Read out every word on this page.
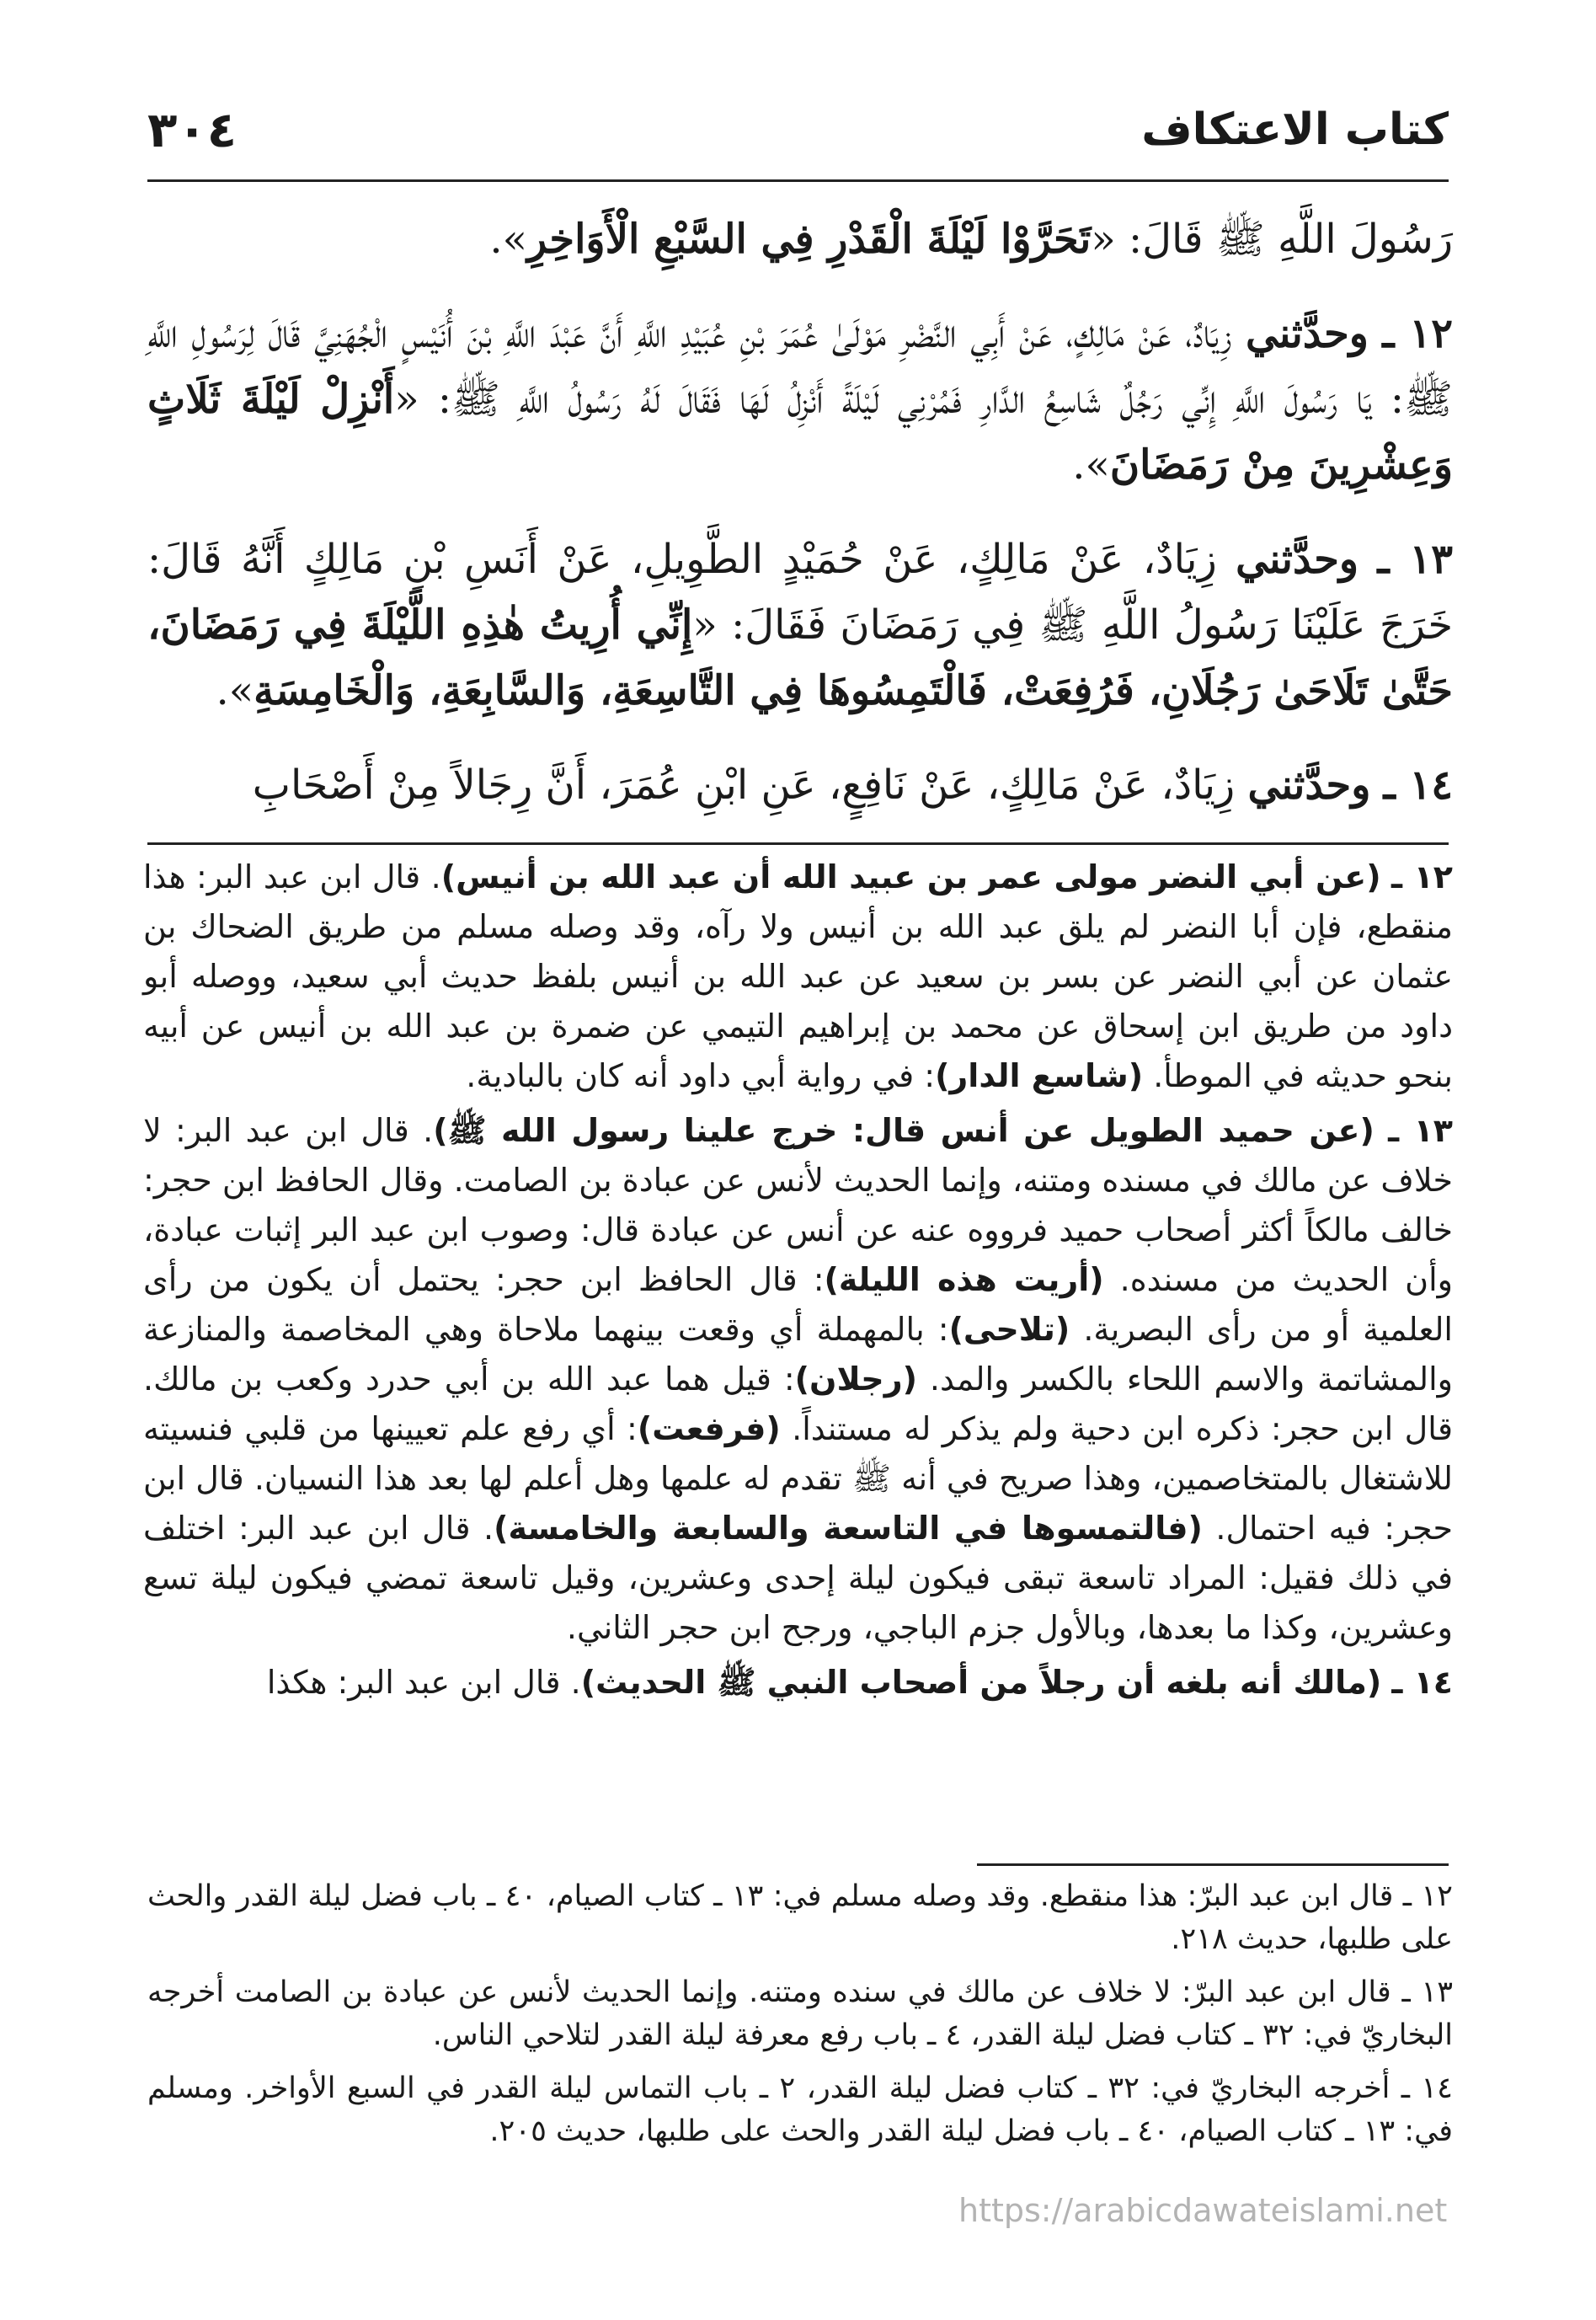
٣٠٤	كتاب الاعتكاف

رَسُولَ اللَّهِ ﷺ قَالَ: «تَحَرَّوْا لَيْلَةَ الْقَدْرِ فِي السَّبْعِ الْأَوَاخِرِ».

١٢ ـ وحدَّثني زِيَادٌ، عَنْ مَالِكٍ، عَنْ أَبِي النَّضْرِ مَوْلَىٰ عُمَرَ بْنِ عُبَيْدِ اللَّهِ أَنَّ عَبْدَ اللَّهِ بْنَ أُنَيْسٍ الْجُهَنِيَّ قَالَ لِرَسُولِ اللَّهِ ﷺ: يَا رَسُولَ اللَّهِ إِنِّي رَجُلٌ شَاسِعُ الدَّارِ فَمُرْنِي لَيْلَةً أَنْزِلُ لَهَا فَقَالَ لَهُ رَسُولُ اللَّهِ ﷺ: «أَنْزِلْ لَيْلَةَ ثَلَاثٍ وَعِشْرِينَ مِنْ رَمَضَانَ».

١٣ ـ وحدَّثني زِيَادٌ، عَنْ مَالِكٍ، عَنْ حُمَيْدٍ الطَّوِيلِ، عَنْ أَنَسِ بْنِ مَالِكٍ أَنَّهُ قَالَ: خَرَجَ عَلَيْنَا رَسُولُ اللَّهِ ﷺ فِي رَمَضَانَ فَقَالَ: «إِنِّي أُرِيتُ هٰذِهِ اللَّيْلَةَ فِي رَمَضَانَ، حَتَّىٰ تَلَاحَىٰ رَجُلَانِ، فَرُفِعَتْ، فَالْتَمِسُوهَا فِي التَّاسِعَةِ، وَالسَّابِعَةِ، وَالْخَامِسَةِ».

١٤ ـ وحدَّثني زِيَادٌ، عَنْ مَالِكٍ، عَنْ نَافِعٍ، عَنِ ابْنِ عُمَرَ، أَنَّ رِجَالاً مِنْ أَصْحَابِ

١٢ ـ (عن أبي النضر مولى عمر بن عبيد الله أن عبد الله بن أنيس). قال ابن عبد البر: هذا منقطع، فإن أبا النضر لم يلق عبد الله بن أنيس ولا رآه، وقد وصله مسلم من طريق الضحاك بن عثمان عن أبي النضر عن بسر بن سعيد عن عبد الله بن أنيس بلفظ حديث أبي سعيد، ووصله أبو داود من طريق ابن إسحاق عن محمد بن إبراهيم التيمي عن ضمرة بن عبد الله بن أنيس عن أبيه بنحو حديثه في الموطأ. (شاسع الدار): في رواية أبي داود أنه كان بالبادية.

١٣ ـ (عن حميد الطويل عن أنس قال: خرج علينا رسول الله ﷺ). قال ابن عبد البر: لا خلاف عن مالك في مسنده ومتنه، وإنما الحديث لأنس عن عبادة بن الصامت. وقال الحافظ ابن حجر: خالف مالكاً أكثر أصحاب حميد فرووه عنه عن أنس عن عبادة قال: وصوب ابن عبد البر إثبات عبادة، وأن الحديث من مسنده. (أريت هذه الليلة): قال الحافظ ابن حجر: يحتمل أن يكون من رأى العلمية أو من رأى البصرية. (تلاحى): بالمهملة أي وقعت بينهما ملاحاة وهي المخاصمة والمنازعة والمشاتمة والاسم اللحاء بالكسر والمد. (رجلان): قيل هما عبد الله بن أبي حدرد وكعب بن مالك. قال ابن حجر: ذكره ابن دحية ولم يذكر له مستنداً. (فرفعت): أي رفع علم تعيينها من قلبي فنسيته للاشتغال بالمتخاصمين، وهذا صريح في أنه ﷺ تقدم له علمها وهل أعلم لها بعد هذا النسيان. قال ابن حجر: فيه احتمال. (فالتمسوها في التاسعة والسابعة والخامسة). قال ابن عبد البر: اختلف في ذلك فقيل: المراد تاسعة تبقى فيكون ليلة إحدى وعشرين، وقيل تاسعة تمضي فيكون ليلة تسع وعشرين، وكذا ما بعدها، وبالأول جزم الباجي، ورجح ابن حجر الثاني.

١٤ ـ (مالك أنه بلغه أن رجلاً من أصحاب النبي ﷺ الحديث). قال ابن عبد البر: هكذا

١٢ ـ قال ابن عبد البرّ: هذا منقطع. وقد وصله مسلم في: ١٣ ـ كتاب الصيام، ٤٠ ـ باب فضل ليلة القدر والحث على طلبها، حديث ٢١٨.

١٣ ـ قال ابن عبد البرّ: لا خلاف عن مالك في سنده ومتنه. وإنما الحديث لأنس عن عبادة بن الصامت أخرجه البخاريّ في: ٣٢ ـ كتاب فضل ليلة القدر، ٤ ـ باب رفع معرفة ليلة القدر لتلاحي الناس.

١٤ ـ أخرجه البخاريّ في: ٣٢ ـ كتاب فضل ليلة القدر، ٢ ـ باب التماس ليلة القدر في السبع الأواخر. ومسلم في: ١٣ ـ كتاب الصيام، ٤٠ ـ باب فضل ليلة القدر والحث على طلبها، حديث ٢٠٥.

https://arabicdawateislami.net
